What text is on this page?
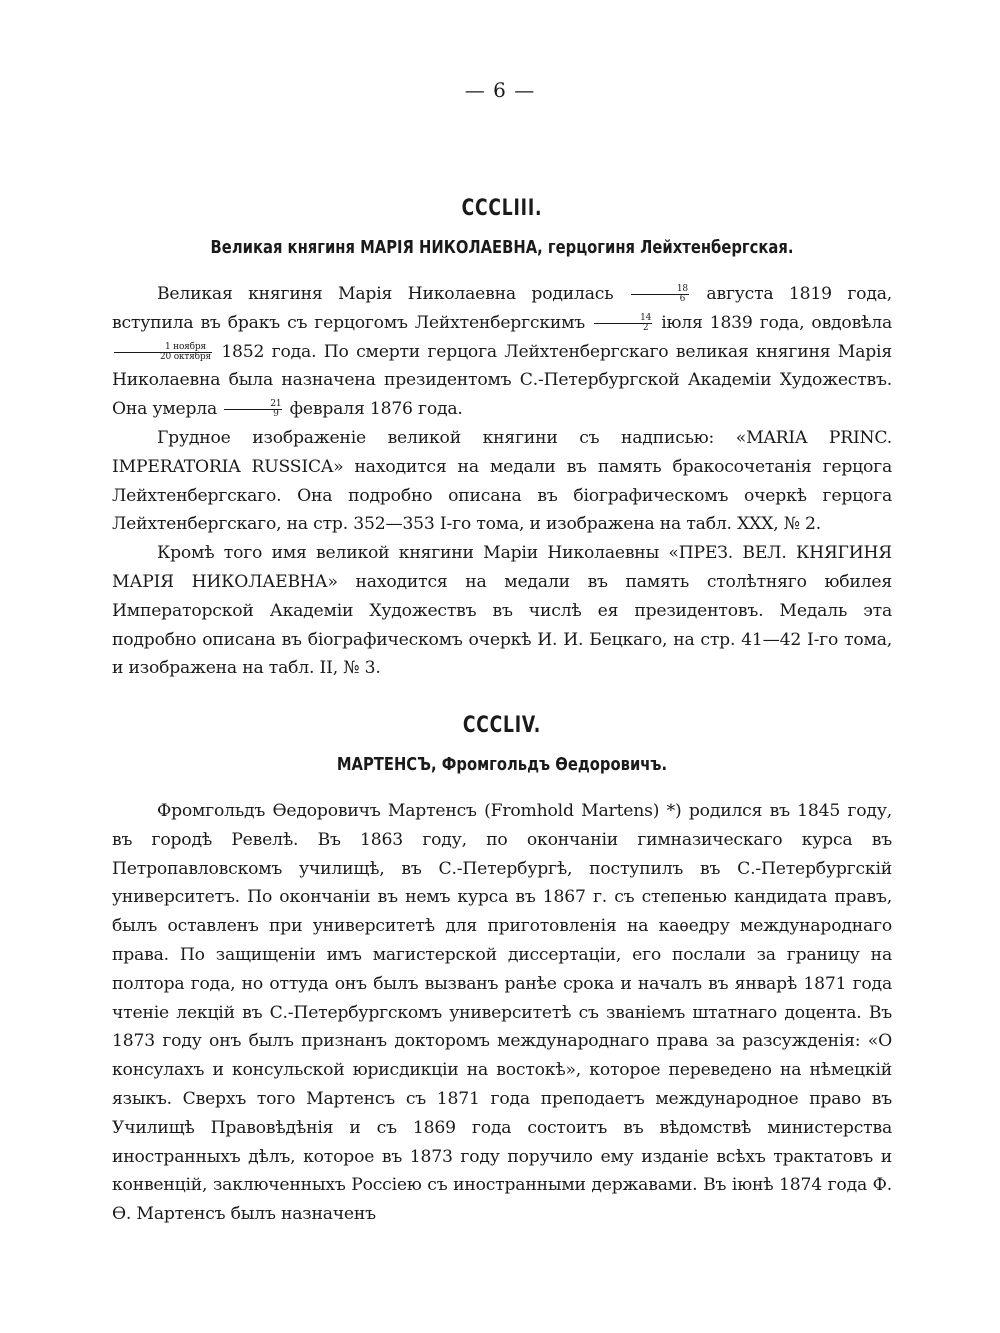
— 6 —
CCCLIII.
Великая княгиня МАРІЯ НИКОЛАЕВНА, герцогиня Лейхтенбергская.

Великая княгиня Марія Николаевна родилась $\frac{18}{6}$ августа 1819 года, вступила въ бракъ съ герцогомъ Лейхтенбергскимъ $\frac{14}{2}$ іюля 1839 года, овдовѣла
$\frac{\text{1 ноября}}{\text{20 октября}} 1852$ года. По смерти герцога Лейхтенбергскаго великая княгиня Марія Николаевна была назначена президентомъ С.-Петербургской Академіи Художествъ. Она умерла $\frac{21}{9}$ февраля 1876 года.

Грудное изображеніе великой княгини съ надписью: «MARIA PRINC. IMPERATORIA RUSSICA» находится на медали въ память бракосочетанія герцога Лейхтенбергскаго. Она подробно описана въ біографическомъ очеркѣ герцога Лейхтенбергскаго, на стр. 352—353 I-го тома, и изображена на табл. XXX, № 2.

Кромѣ того имя великой княгини Маріи Николаевны «ПРЕЗ. ВЕЛ. КНЯГИНЯ МАРІЯ НИКОЛАЕВНА» находится на медали въ память столѣтняго юбилея Императорской Академіи Художествъ въ числѣ ея президентовъ. Медаль эта подробно описана въ біографическомъ очеркѣ И. И. Бецкаго, на стр. 41—42 I-го тома, и изображена на табл. II, № 3.

CCCLIV.
МАРТЕНСЪ, Фромгольдъ Ѳедоровичъ.

Фромгольдъ Ѳедоровичъ Мартенсъ (Fromhold Martens) *) родился въ 1845 году, въ городѣ Ревелѣ. Въ 1863 году, по окончаніи гимназическаго курса въ Петропавловскомъ училищѣ, въ С.-Петербургѣ, поступилъ въ С.-Петербургскій университетъ. По окончаніи въ немъ курса въ 1867 г. съ степенью кандидата правъ, былъ оставленъ при университетѣ для приготовленія на каѳедру международнаго права. По защищеніи имъ магистерской диссертаціи, его послали за границу на полтора года, но оттуда онъ былъ вызванъ ранѣе срока и началъ въ январѣ 1871 года чтеніе лекцій въ С.-Петербургскомъ университетѣ съ званіемъ штатнаго доцента. Въ 1873 году онъ былъ признанъ докторомъ международнаго права за разсужденія: «О консулахъ и консульской юрисдикціи на востокѣ», которое переведено на нѣмецкій языкъ. Сверхъ того Мартенсъ съ 1871 года преподаетъ международное право въ Училищѣ Правовѣдѣнія и съ 1869 года состоитъ въ вѣдомствѣ министерства иностранныхъ дѣлъ, которое въ 1873 году поручило ему изданіе всѣхъ трактатовъ и конвенцій, заключенныхъ Россіею съ иностранными державами. Въ іюнѣ 1874 года Ф. Ѳ. Мартенсъ былъ назначенъ
